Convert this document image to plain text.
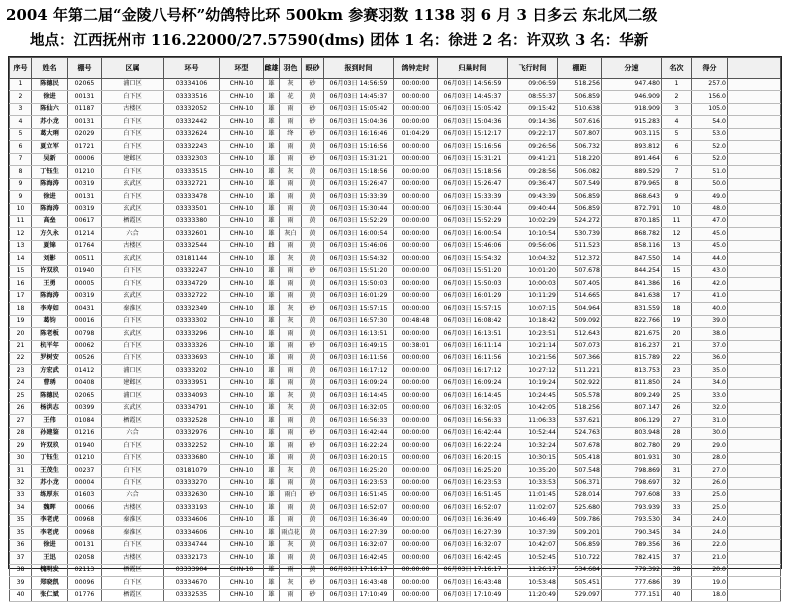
2004 年第二届“金陵八号杯”幼鸽特比环 500km 参赛羽数 1138 羽 6 月 3 日多云 东北风二级
地点：江西抚州市 116.22000/27.57590(dms) 团体 1 名：徐进 2 名：许双玖 3 名：华新
序号	姓名	棚号	区属	环号	环型	雌雄	羽色	眼砂	报到时间	鸽钟走时	归巢时间	飞行时间	棚距	分速	名次	得分	
1	陈德民	02065	浦口区	03334106	CHN-10	雄	灰	砂	06月03日 14:56:59	00:00:00	06月03日 14:56:59	09:06:59	518.256	947.480	1	257.0	
2	徐进	00131	白下区	03333516	CHN-10	雄	花	黄	06月03日 14:45:37	00:00:00	06月03日 14:45:37	08:55:37	506.859	946.909	2	156.0	
3	陈仙六	01187	古楼区	03332052	CHN-10	雄	雨	砂	06月03日 15:05:42	00:00:00	06月03日 15:05:42	09:15:42	510.638	918.909	3	105.0	
4	苏小龙	00131	白下区	03332442	CHN-10	雄	雨	砂	06月03日 15:04:36	00:00:00	06月03日 15:04:36	09:14:36	507.616	915.283	4	54.0	
5	葛大琍	02029	白下区	03332624	CHN-10	雄	绛	砂	06月03日 16:16:46	01:04:29	06月03日 15:12:17	09:22:17	507.807	903.115	5	53.0	
6	夏立军	01721	白下区	03332243	CHN-10	雄	雨	黄	06月03日 15:16:56	00:00:00	06月03日 15:16:56	09:26:56	506.732	893.812	6	52.0	
7	吴新	00006	建邺区	03332303	CHN-10	雄	雨	砂	06月03日 15:31:21	00:00:00	06月03日 15:31:21	09:41:21	518.220	891.464	6	52.0	
8	丁钰生	01210	白下区	03333515	CHN-10	雄	灰	黄	06月03日 15:18:56	00:00:00	06月03日 15:18:56	09:28:56	506.082	889.529	7	51.0	
9	陈海涛	00319	玄武区	03332721	CHN-10	雄	雨	黄	06月03日 15:26:47	00:00:00	06月03日 15:26:47	09:36:47	507.549	879.965	8	50.0	
9	徐进	00131	白下区	03333478	CHN-10	雄	雨	黄	06月03日 15:33:39	00:00:00	06月03日 15:33:39	09:43:39	506.859	868.643	9	49.0	
10	陈海涛	00319	玄武区	03333501	CHN-10	雄	雨	黄	06月03日 15:30:44	00:00:00	06月03日 15:30:44	09:40:44	506.859	872.791	10	48.0	
11	高垒	00617	栖霞区	03333380	CHN-10	雄	雨	黄	06月03日 15:52:29	00:00:00	06月03日 15:52:29	10:02:29	524.272	870.185	11	47.0	
12	方久永	01214	六合	03332601	CHN-10	雄	灰白	黄	06月03日 16:00:54	00:00:00	06月03日 16:00:54	10:10:54	530.739	868.782	12	45.0	
13	夏锦	01764	古楼区	03332544	CHN-10	雌	雨	黄	06月03日 15:46:06	00:00:00	06月03日 15:46:06	09:56:06	511.523	858.116	13	45.0	
14	刘影	00511	玄武区	03181144	CHN-10	雄	灰	黄	06月03日 15:54:32	00:00:00	06月03日 15:54:32	10:04:32	512.372	847.550	14	44.0	
15	许双玖	01940	白下区	03332247	CHN-10	雄	雨	砂	06月03日 15:51:20	00:00:00	06月03日 15:51:20	10:01:20	507.678	844.254	15	43.0	
16	王勇	00005	白下区	03334729	CHN-10	雄	雨	黄	06月03日 15:50:03	00:00:00	06月03日 15:50:03	10:00:03	507.405	841.386	16	42.0	
17	陈海涛	00319	玄武区	03332722	CHN-10	雄	雨	黄	06月03日 16:01:29	00:00:00	06月03日 16:01:29	10:11:29	514.665	841.638	17	41.0	
18	李寿如	00431	秦淮区	03332349	CHN-10	雄	灰	砂	06月03日 15:57:15	00:00:00	06月03日 15:57:15	10:07:15	504.964	831.559	18	40.0	
19	葛钧	00016	白下区	03333302	CHN-10	雄	灰	黄	06月03日 16:57:30	00:48:48	06月03日 16:08:42	10:18:42	509.092	822.766	19	39.0	
20	陈老板	00798	玄武区	03333296	CHN-10	雄	雨	黄	06月03日 16:13:51	00:00:00	06月03日 16:13:51	10:23:51	512.643	821.675	20	38.0	
21	杭平年	00062	白下区	03333326	CHN-10	雄	雨	砂	06月03日 16:49:15	00:38:01	06月03日 16:11:14	10:21:14	507.073	816.237	21	37.0	
22	罗树安	00526	白下区	03333693	CHN-10	雄	雨	黄	06月03日 16:11:56	00:00:00	06月03日 16:11:56	10:21:56	507.366	815.789	22	36.0	
23	方宏武	01412	浦口区	03333202	CHN-10	雄	雨	黄	06月03日 16:17:12	00:00:00	06月03日 16:17:12	10:27:12	511.221	813.753	23	35.0	
24	曹琇	00408	建邺区	03333951	CHN-10	雄	雨	黄	06月03日 16:09:24	00:00:00	06月03日 16:09:24	10:19:24	502.922	811.850	24	34.0	
25	陈德民	02065	浦口区	03334093	CHN-10	雄	灰	黄	06月03日 16:14:45	00:00:00	06月03日 16:14:45	10:24:45	505.578	809.249	25	33.0	
26	杨洪志	00399	玄武区	03334791	CHN-10	雄	灰	黄	06月03日 16:32:05	00:00:00	06月03日 16:32:05	10:42:05	518.256	807.147	26	32.0	
27	王伟	01084	栖霞区	03332528	CHN-10	雄	雨	黄	06月03日 16:56:33	00:00:00	06月03日 16:56:33	11:06:33	537.621	806.129	27	31.0	
28	孙建鉴	01216	六合	03332976	CHN-10	雄	雨	砂	06月03日 16:42:44	00:00:00	06月03日 16:42:44	10:52:44	524.763	803.948	28	30.0	
29	许双玖	01940	白下区	03332252	CHN-10	雄	雨	砂	06月03日 16:22:24	00:00:00	06月03日 16:22:24	10:32:24	507.678	802.780	29	29.0	
30	丁钰生	01210	白下区	03333680	CHN-10	雄	雨	黄	06月03日 16:20:15	00:00:00	06月03日 16:20:15	10:30:15	505.418	801.931	30	28.0	
31	王茂生	00237	白下区	03181079	CHN-10	雄	灰	黄	06月03日 16:25:20	00:00:00	06月03日 16:25:20	10:35:20	507.548	798.869	31	27.0	
32	苏小龙	00004	白下区	03333270	CHN-10	雄	雨	黄	06月03日 16:23:53	00:00:00	06月03日 16:23:53	10:33:53	506.371	798.697	32	26.0	
33	练厚东	01603	六合	03332630	CHN-10	雄	雨白	砂	06月03日 16:51:45	00:00:00	06月03日 16:51:45	11:01:45	528.014	797.608	33	25.0	
34	魏晖	00066	古楼区	03333193	CHN-10	雄	雨	黄	06月03日 16:52:07	00:00:00	06月03日 16:52:07	11:02:07	525.680	793.939	33	25.0	
35	李老虎	00968	秦淮区	03334606	CHN-10	雄	雨	黄	06月03日 16:36:49	00:00:00	06月03日 16:36:49	10:46:49	509.786	793.530	34	24.0	
35	李老虎	00968	秦淮区	03334606	CHN-10	雄	雨点花	黄	06月03日 16:27:39	00:00:00	06月03日 16:27:39	10:37:39	509.201	790.345	34	24.0	
36	徐进	00131	白下区	03334744	CHN-10	雄	灰	黄	06月03日 16:32:07	00:00:00	06月03日 16:32:07	10:42:07	506.859	789.356	36	22.0	
37	王迅	02058	古楼区	03332173	CHN-10	雄	雨	黄	06月03日 16:42:45	00:00:00	06月03日 16:42:45	10:52:45	510.722	782.415	37	21.0	
38	槐明发	02113	栖霞区	03333904	CHN-10	雄	雨	黄	06月03日 17:16:17	00:00:00	06月03日 17:16:17	11:26:17	534.684	779.392	38	20.0	
39	郑晓凯	00096	白下区	03334670	CHN-10	雄	灰	砂	06月03日 16:43:48	00:00:00	06月03日 16:43:48	10:53:48	505.451	777.686	39	19.0	
40	张仁斌	01776	栖霞区	03332535	CHN-10	雄	雨	砂	06月03日 17:10:49	00:00:00	06月03日 17:10:49	11:20:49	529.097	777.151	40	18.0	
